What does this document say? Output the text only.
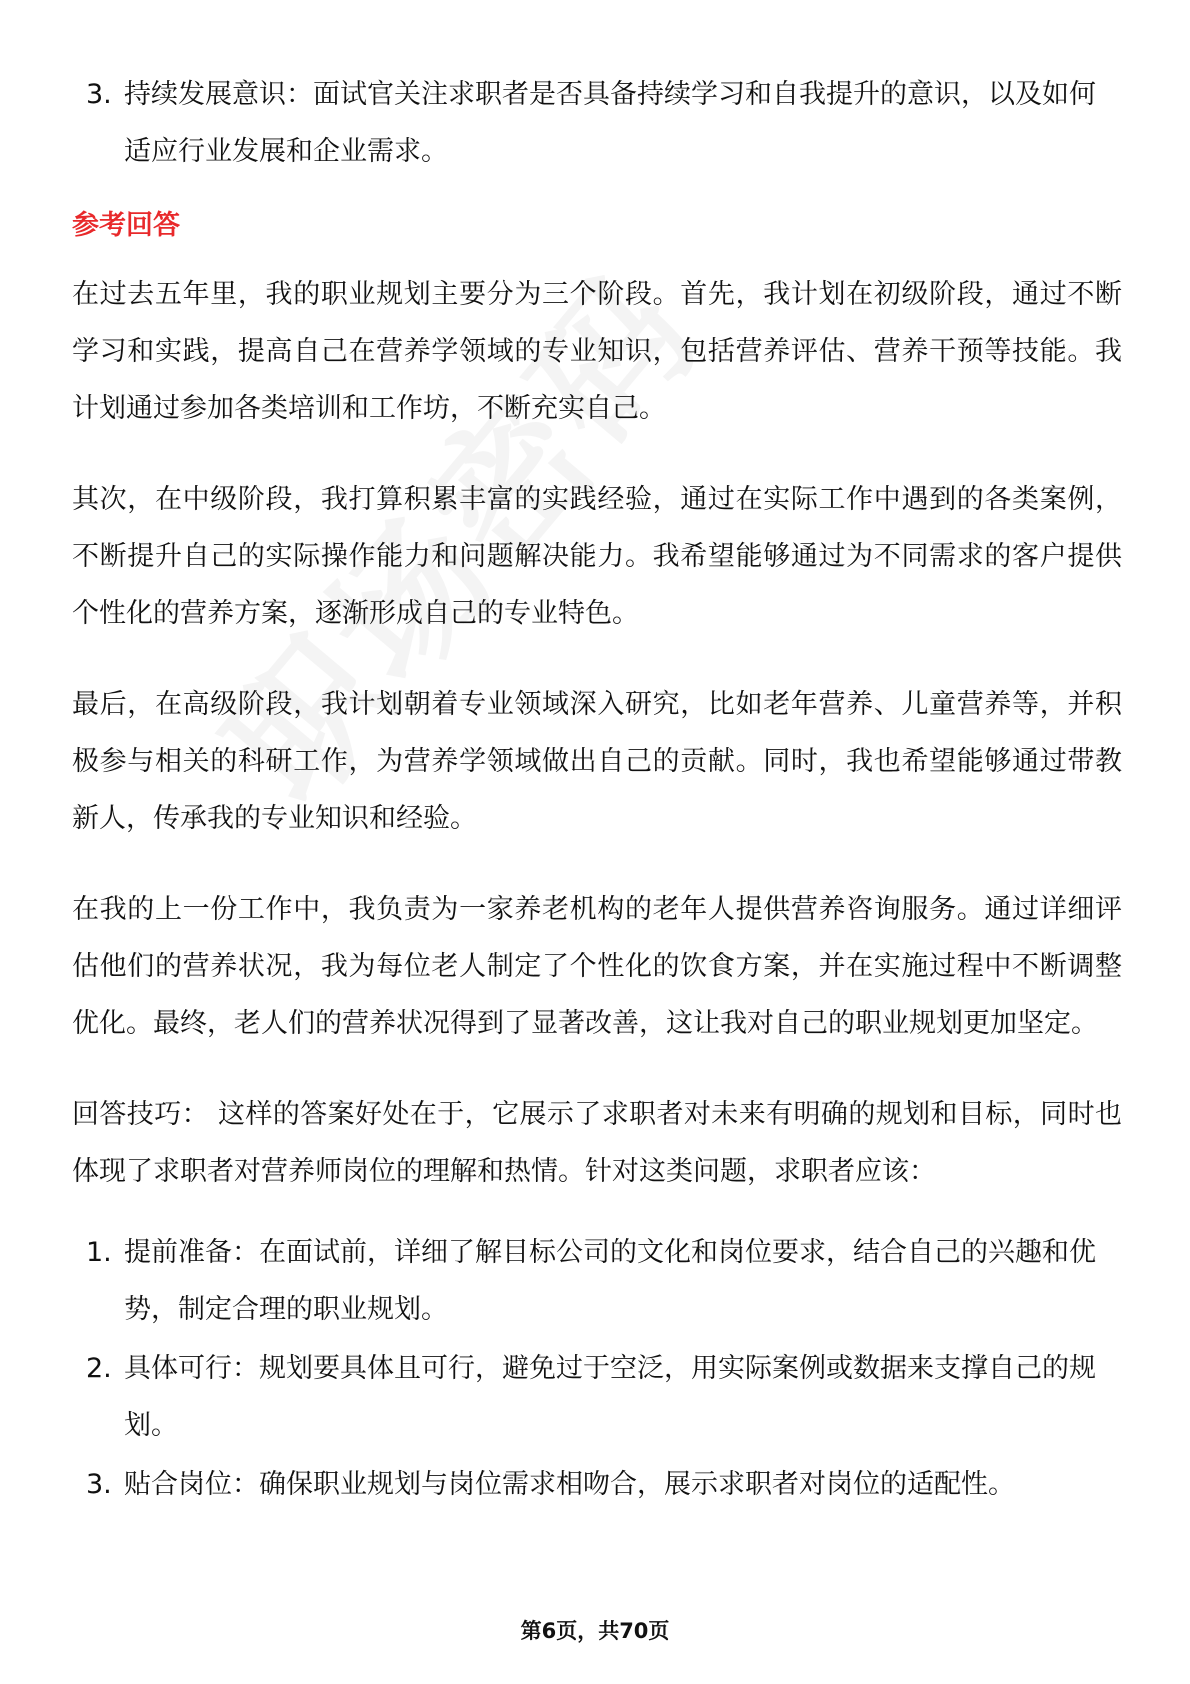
3. 持续发展意识：面试官关注求职者是否具备持续学习和自我提升的意识，以及如何适应行业发展和企业需求。
参考回答

在过去五年里，我的职业规划主要分为三个阶段。首先，我计划在初级阶段，通过不断学习和实践，提高自己在营养学领域的专业知识，包括营养评估、营养干预等技能。我计划通过参加各类培训和工作坊，不断充实自己。

其次，在中级阶段，我打算积累丰富的实践经验，通过在实际工作中遇到的各类案例，不断提升自己的实际操作能力和问题解决能力。我希望能够通过为不同需求的客户提供个性化的营养方案，逐渐形成自己的专业特色。

最后，在高级阶段，我计划朝着专业领域深入研究，比如老年营养、儿童营养等，并积极参与相关的科研工作，为营养学领域做出自己的贡献。同时，我也希望能够通过带教新人，传承我的专业知识和经验。

在我的上一份工作中，我负责为一家养老机构的老年人提供营养咨询服务。通过详细评估他们的营养状况，我为每位老人制定了个性化的饮食方案，并在实施过程中不断调整优化。最终，老人们的营养状况得到了显著改善，这让我对自己的职业规划更加坚定。

回答技巧： 这样的答案好处在于，它展示了求职者对未来有明确的规划和目标，同时也体现了求职者对营养师岗位的理解和热情。针对这类问题，求职者应该：

1. 提前准备：在面试前，详细了解目标公司的文化和岗位要求，结合自己的兴趣和优势，制定合理的职业规划。
2. 具体可行：规划要具体且可行，避免过于空泛，用实际案例或数据来支撑自己的规划。
3. 贴合岗位：确保职业规划与岗位需求相吻合，展示求职者对岗位的适配性。
第6页，共70页
